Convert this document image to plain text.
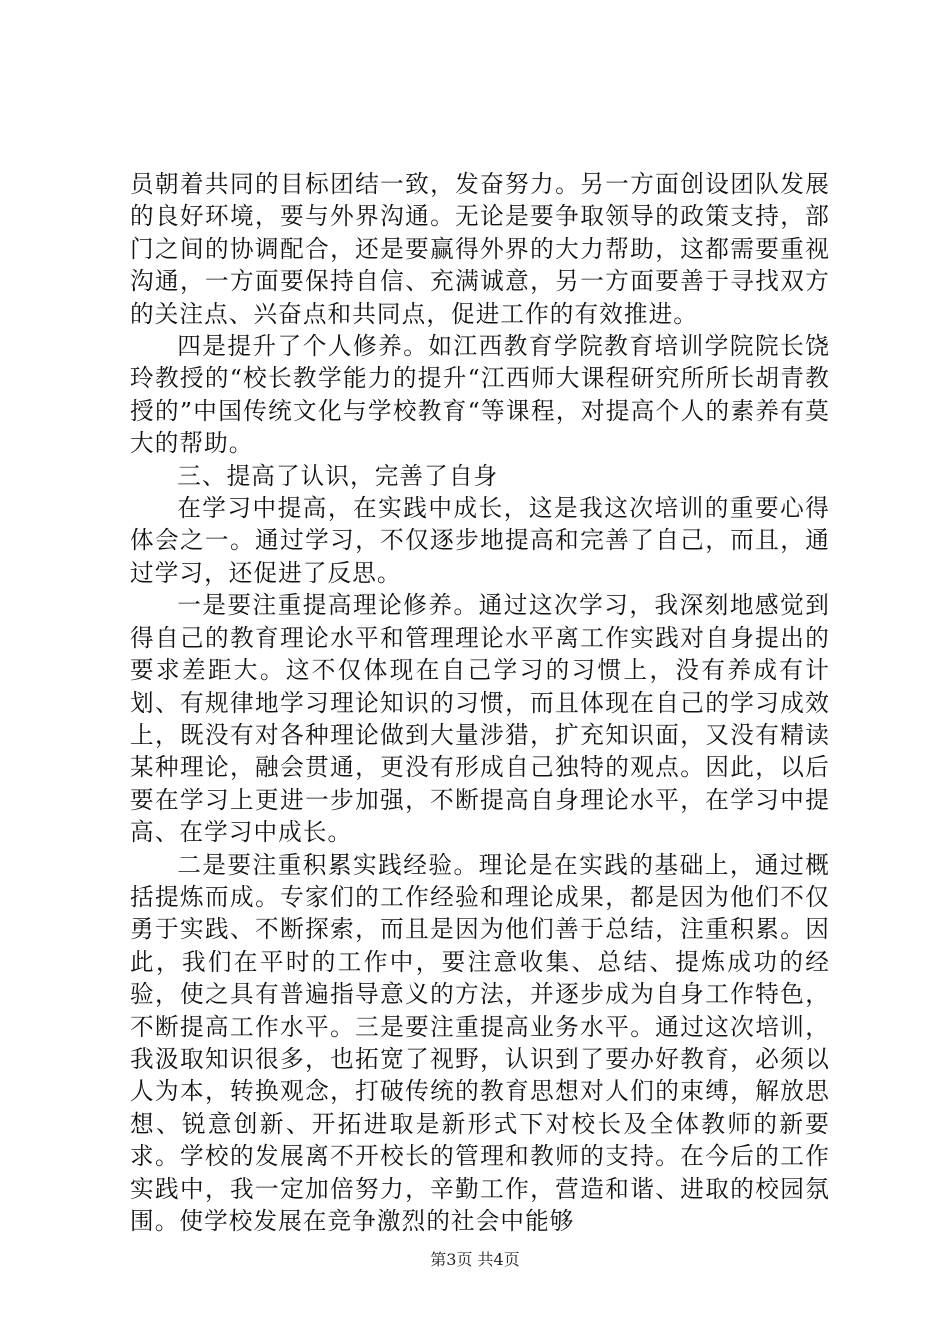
员朝着共同的目标团结一致，发奋努力。另一方面创设团队发展的良好环境，要与外界沟通。无论是要争取领导的政策支持，部门之间的协调配合，还是要赢得外界的大力帮助，这都需要重视沟通，一方面要保持自信、充满诚意，另一方面要善于寻找双方的关注点、兴奋点和共同点，促进工作的有效推进。

四是提升了个人修养。如江西教育学院教育培训学院院长饶玲教授的“校长教学能力的提升“江西师大课程研究所所长胡青教授的”中国传统文化与学校教育“等课程，对提高个人的素养有莫大的帮助。

三、提高了认识，完善了自身

在学习中提高，在实践中成长，这是我这次培训的重要心得体会之一。通过学习，不仅逐步地提高和完善了自己，而且，通过学习，还促进了反思。

一是要注重提高理论修养。通过这次学习，我深刻地感觉到得自己的教育理论水平和管理理论水平离工作实践对自身提出的要求差距大。这不仅体现在自己学习的习惯上，没有养成有计划、有规律地学习理论知识的习惯，而且体现在自己的学习成效上，既没有对各种理论做到大量涉猎，扩充知识面，又没有精读某种理论，融会贯通，更没有形成自己独特的观点。因此，以后要在学习上更进一步加强，不断提高自身理论水平，在学习中提高、在学习中成长。

二是要注重积累实践经验。理论是在实践的基础上，通过概括提炼而成。专家们的工作经验和理论成果，都是因为他们不仅勇于实践、不断探索，而且是因为他们善于总结，注重积累。因此，我们在平时的工作中，要注意收集、总结、提炼成功的经验，使之具有普遍指导意义的方法，并逐步成为自身工作特色，不断提高工作水平。三是要注重提高业务水平。通过这次培训，我汲取知识很多，也拓宽了视野，认识到了要办好教育，必须以人为本，转换观念，打破传统的教育思想对人们的束缚，解放思想、锐意创新、开拓进取是新形式下对校长及全体教师的新要求。学校的发展离不开校长的管理和教师的支持。在今后的工作实践中，我一定加倍努力，辛勤工作，营造和谐、进取的校园氛围。使学校发展在竞争激烈的社会中能够

第3页 共4页
